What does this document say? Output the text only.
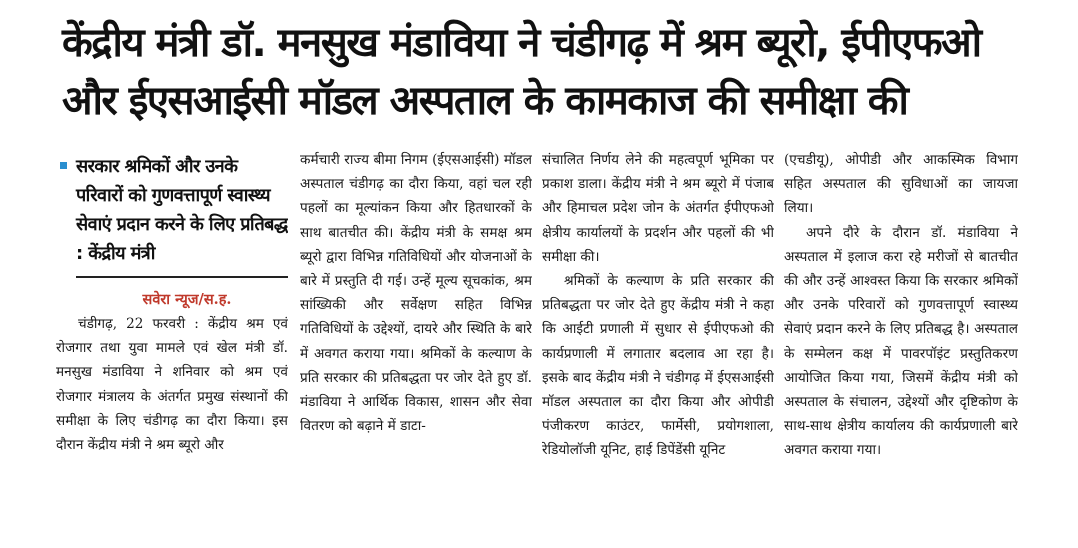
केंद्रीय मंत्री डॉ. मनसुख मंडाविया ने चंडीगढ़ में श्रम ब्यूरो, ईपीएफओ
और ईएसआईसी मॉडल अस्पताल के कामकाज की समीक्षा की
सरकार श्रमिकों और उनके परिवारों को गुणवत्तापूर्ण स्वास्थ्य सेवाएं प्रदान करने के लिए प्रतिबद्ध : केंद्रीय मंत्री
सवेरा न्यूज/स.ह.

चंडीगढ़, 22 फरवरी : केंद्रीय श्रम एवं रोजगार तथा युवा मामले एवं खेल मंत्री डॉ. मनसुख मंडाविया ने शनिवार को श्रम एवं रोजगार मंत्रालय के अंतर्गत प्रमुख संस्थानों की समीक्षा के लिए चंडीगढ़ का दौरा किया। इस दौरान केंद्रीय मंत्री ने श्रम ब्यूरो और

कर्मचारी राज्य बीमा निगम (ईएसआईसी) मॉडल अस्पताल चंडीगढ़ का दौरा किया, वहां चल रही पहलों का मूल्यांकन किया और हितधारकों के साथ बातचीत की। केंद्रीय मंत्री के समक्ष श्रम ब्यूरो द्वारा विभिन्न गतिविधियों और योजनाओं के बारे में प्रस्तुति दी गई। उन्हें मूल्य सूचकांक, श्रम सांख्यिकी और सर्वेक्षण सहित विभिन्न गतिविधियों के उद्देश्यों, दायरे और स्थिति के बारे में अवगत कराया गया। श्रमिकों के कल्याण के प्रति सरकार की प्रतिबद्धता पर जोर देते हुए डॉ. मंडाविया ने आर्थिक विकास, शासन और सेवा वितरण को बढ़ाने में डाटा-

संचालित निर्णय लेने की महत्वपूर्ण भूमिका पर प्रकाश डाला। केंद्रीय मंत्री ने श्रम ब्यूरो में पंजाब और हिमाचल प्रदेश जोन के अंतर्गत ईपीएफओ क्षेत्रीय कार्यालयों के प्रदर्शन और पहलों की भी समीक्षा की।

श्रमिकों के कल्याण के प्रति सरकार की प्रतिबद्धता पर जोर देते हुए केंद्रीय मंत्री ने कहा कि आईटी प्रणाली में सुधार से ईपीएफओ की कार्यप्रणाली में लगातार बदलाव आ रहा है। इसके बाद केंद्रीय मंत्री ने चंडीगढ़ में ईएसआईसी मॉडल अस्पताल का दौरा किया और ओपीडी पंजीकरण काउंटर, फार्मेसी, प्रयोगशाला, रेडियोलॉजी यूनिट, हाई डिपेंडेंसी यूनिट

(एचडीयू), ओपीडी और आकस्मिक विभाग सहित अस्पताल की सुविधाओं का जायजा लिया।

अपने दौरे के दौरान डॉ. मंडाविया ने अस्पताल में इलाज करा रहे मरीजों से बातचीत की और उन्हें आश्वस्त किया कि सरकार श्रमिकों और उनके परिवारों को गुणवत्तापूर्ण स्वास्थ्य सेवाएं प्रदान करने के लिए प्रतिबद्ध है। अस्पताल के सम्मेलन कक्ष में पावरपॉइंट प्रस्तुतिकरण आयोजित किया गया, जिसमें केंद्रीय मंत्री को अस्पताल के संचालन, उद्देश्यों और दृष्टिकोण के साथ-साथ क्षेत्रीय कार्यालय की कार्यप्रणाली बारे अवगत कराया गया।
